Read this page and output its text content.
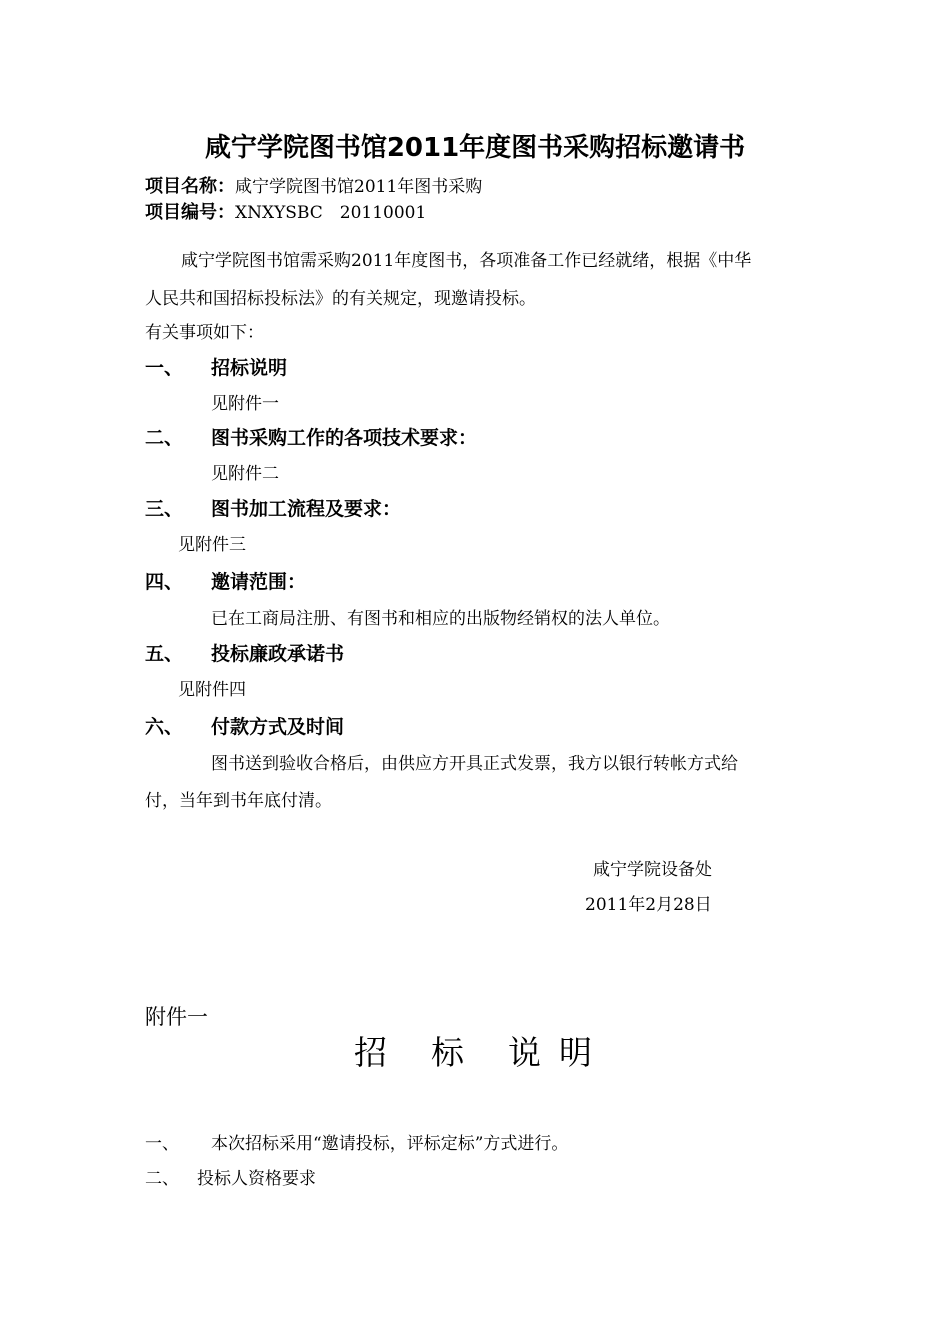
咸宁学院图书馆2011年度图书采购招标邀请书
项目名称：咸宁学院图书馆2011年图书采购
项目编号：XNXYSBC　20110001
咸宁学院图书馆需采购2011年度图书，各项准备工作已经就绪，根据《中华
人民共和国招标投标法》的有关规定，现邀请投标。
有关事项如下：
一、 招标说明
见附件一
二、 图书采购工作的各项技术要求：
见附件二
三、 图书加工流程及要求：
见附件三
四、 邀请范围：
已在工商局注册、有图书和相应的出版物经销权的法人单位。
五、 投标廉政承诺书
见附件四
六、 付款方式及时间
图书送到验收合格后，由供应方开具正式发票，我方以银行转帐方式给
付，当年到书年底付清。
咸宁学院设备处
2011年2月28日
附件一
招 标 说 明
一、 本次招标采用“邀请投标，评标定标”方式进行。
二、 投标人资格要求
